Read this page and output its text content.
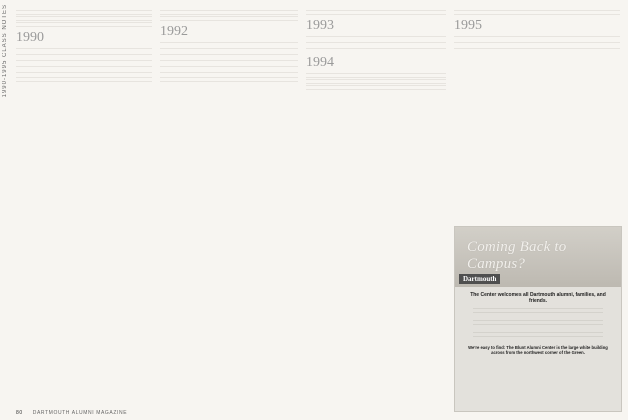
1990-1995 CLASS NOTES 1990	1992	1993

1994

1995

Coming Back to Campus?
Dartmouth
The Center welcomes all Dartmouth alumni, families, and friends.
We're easy to find: The Blunt Alumni Center is the large white building across from the northwest corner of the Green.
80 DARTMOUTH ALUMNI MAGAZINE
